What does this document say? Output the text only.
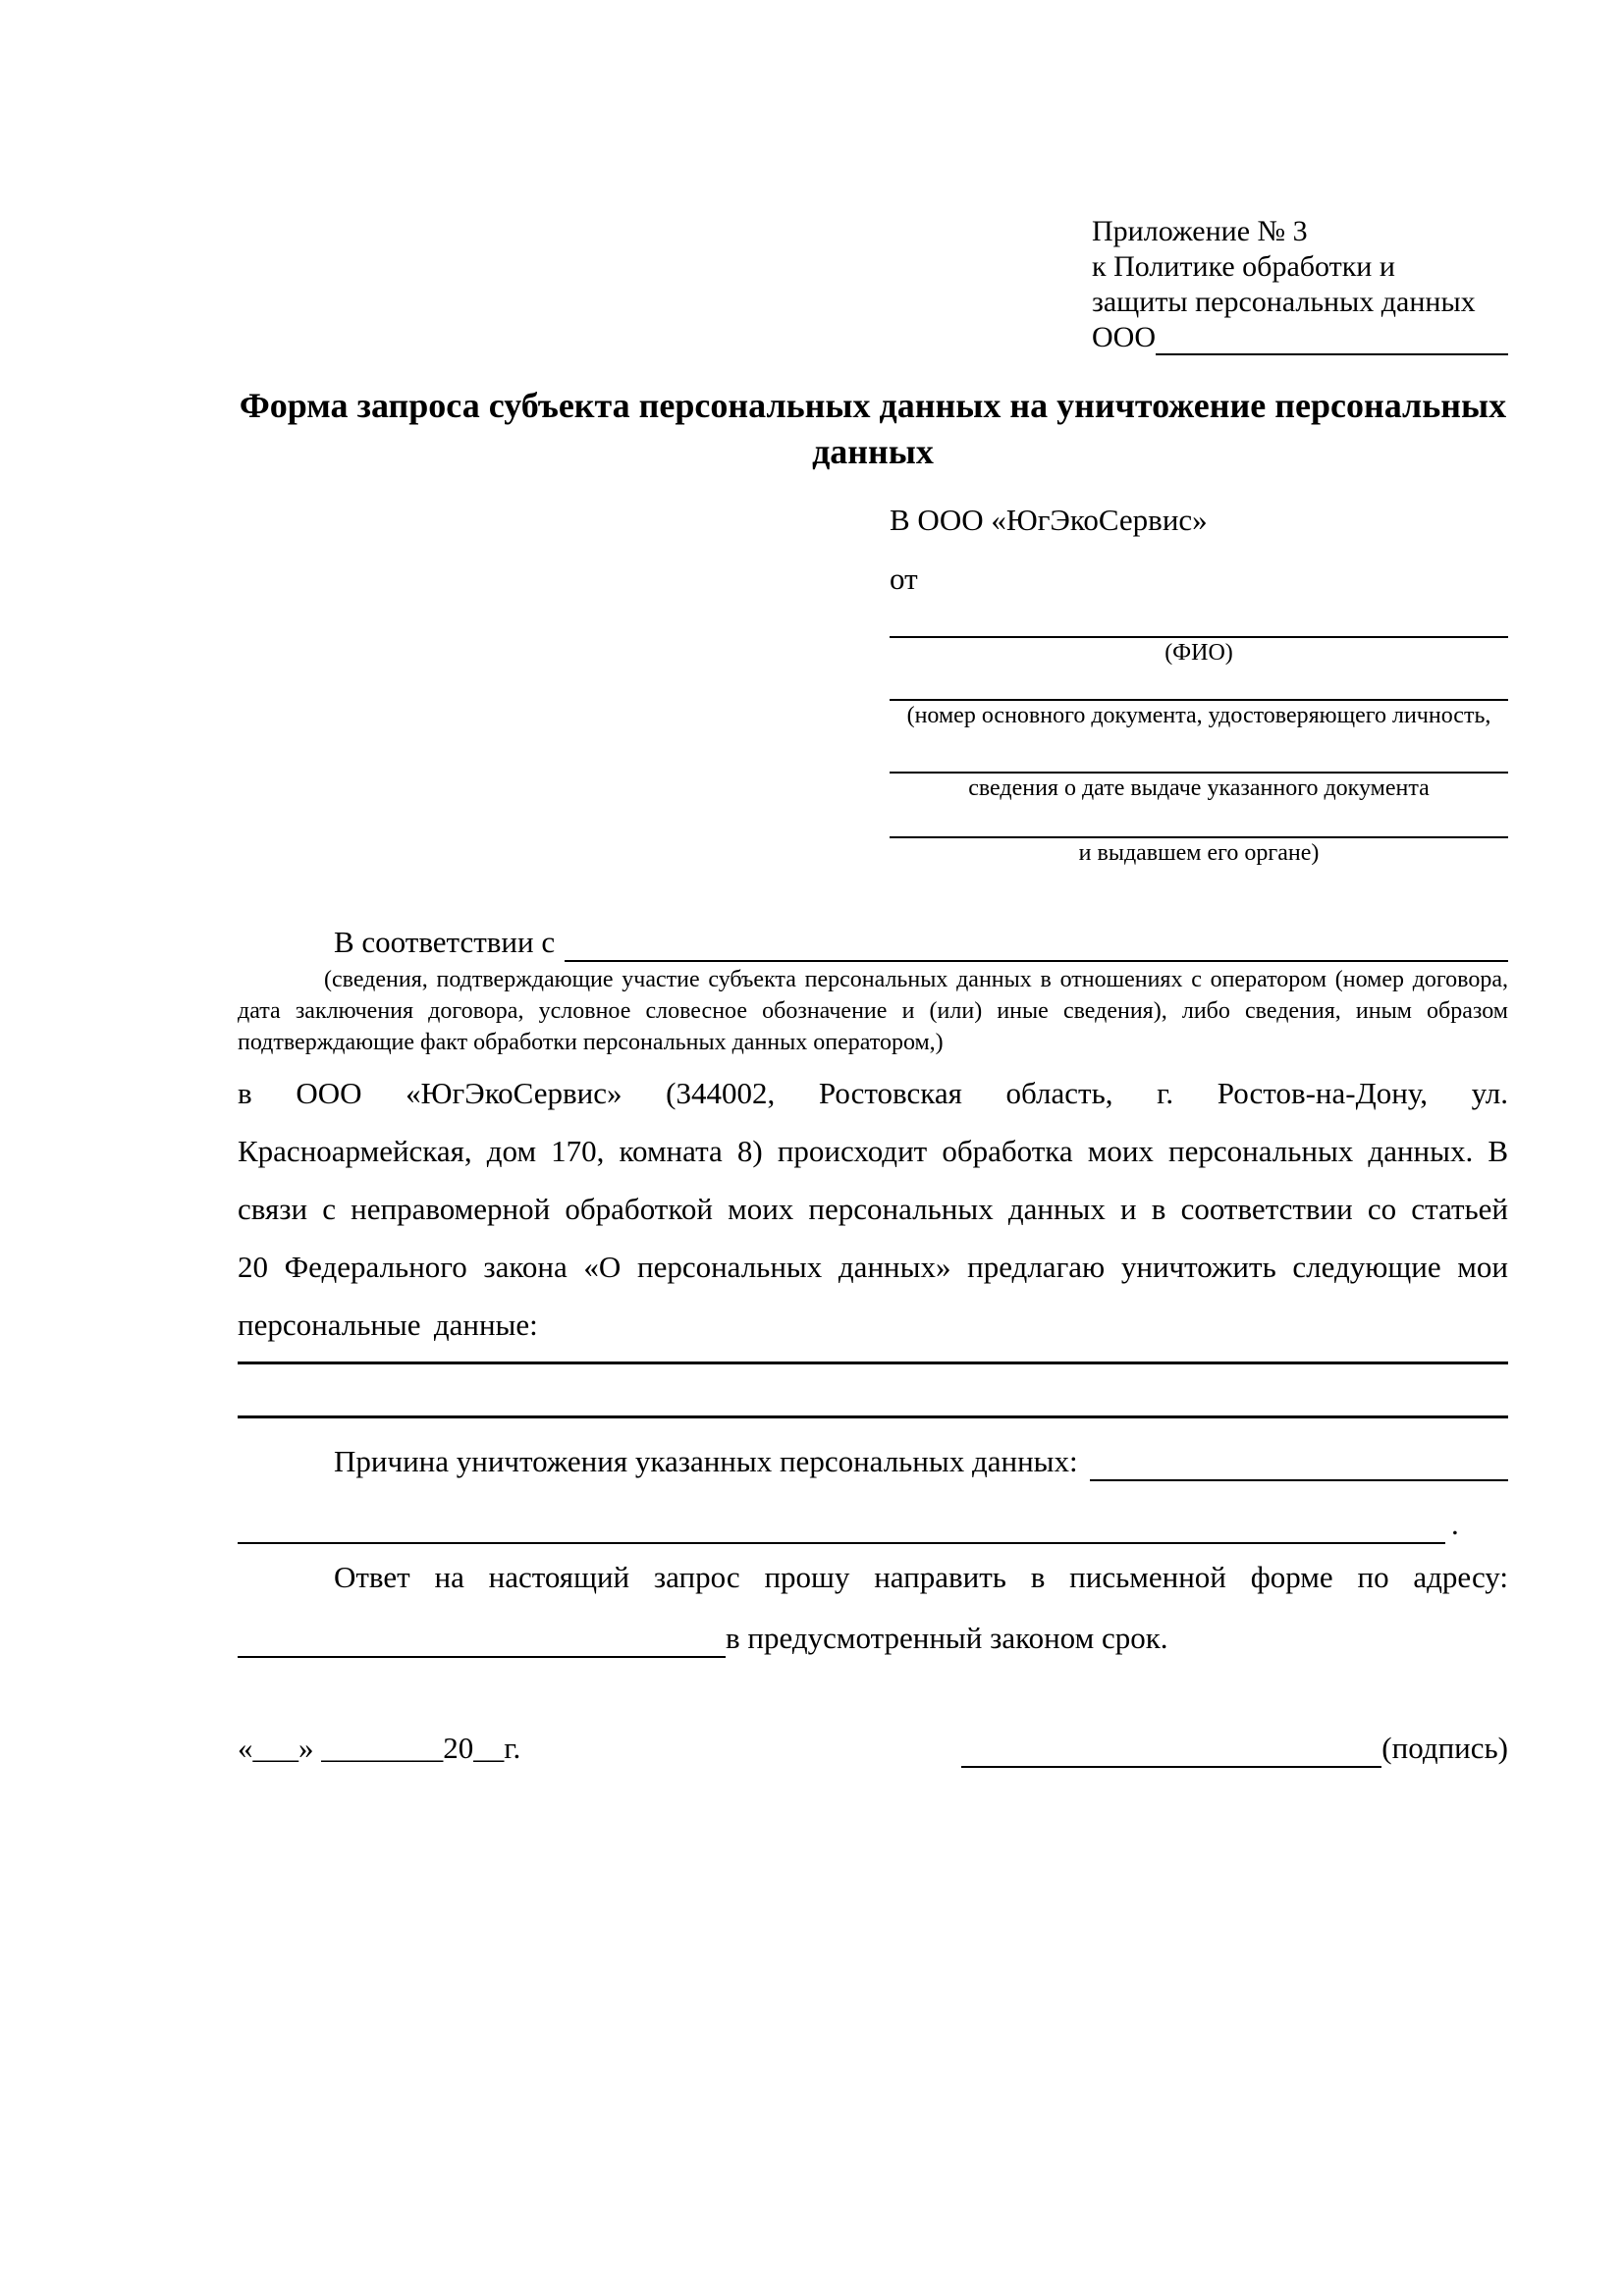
Приложение № 3
к Политике обработки и
защиты персональных данных
ООО
Форма запроса субъекта персональных данных на уничтожение персональных данных
В ООО «ЮгЭкоСервис»
от
(ФИО)
(номер основного документа, удостоверяющего личность,
сведения о дате выдаче указанного документа
и выдавшем его органе)
В соответствии с
(сведения, подтверждающие участие субъекта персональных данных в отношениях с оператором (номер договора, дата заключения договора, условное словесное обозначение и (или) иные сведения), либо сведения, иным образом подтверждающие факт обработки персональных данных оператором,)
в ООО «ЮгЭкоСервис» (344002, Ростовская область, г. Ростов-на-Дону, ул. Красноармейская, дом 170, комната 8) происходит обработка моих персональных данных. В связи с неправомерной обработкой моих персональных данных и в соответствии со статьей 20 Федерального закона «О персональных данных» предлагаю уничтожить следующие мои персональные данные:
Причина уничтожения указанных персональных данных:
.
Ответ на настоящий запрос прошу направить в письменной форме по адресу:
в предусмотренный законом срок.
«___» ________20__г.	(подпись)
